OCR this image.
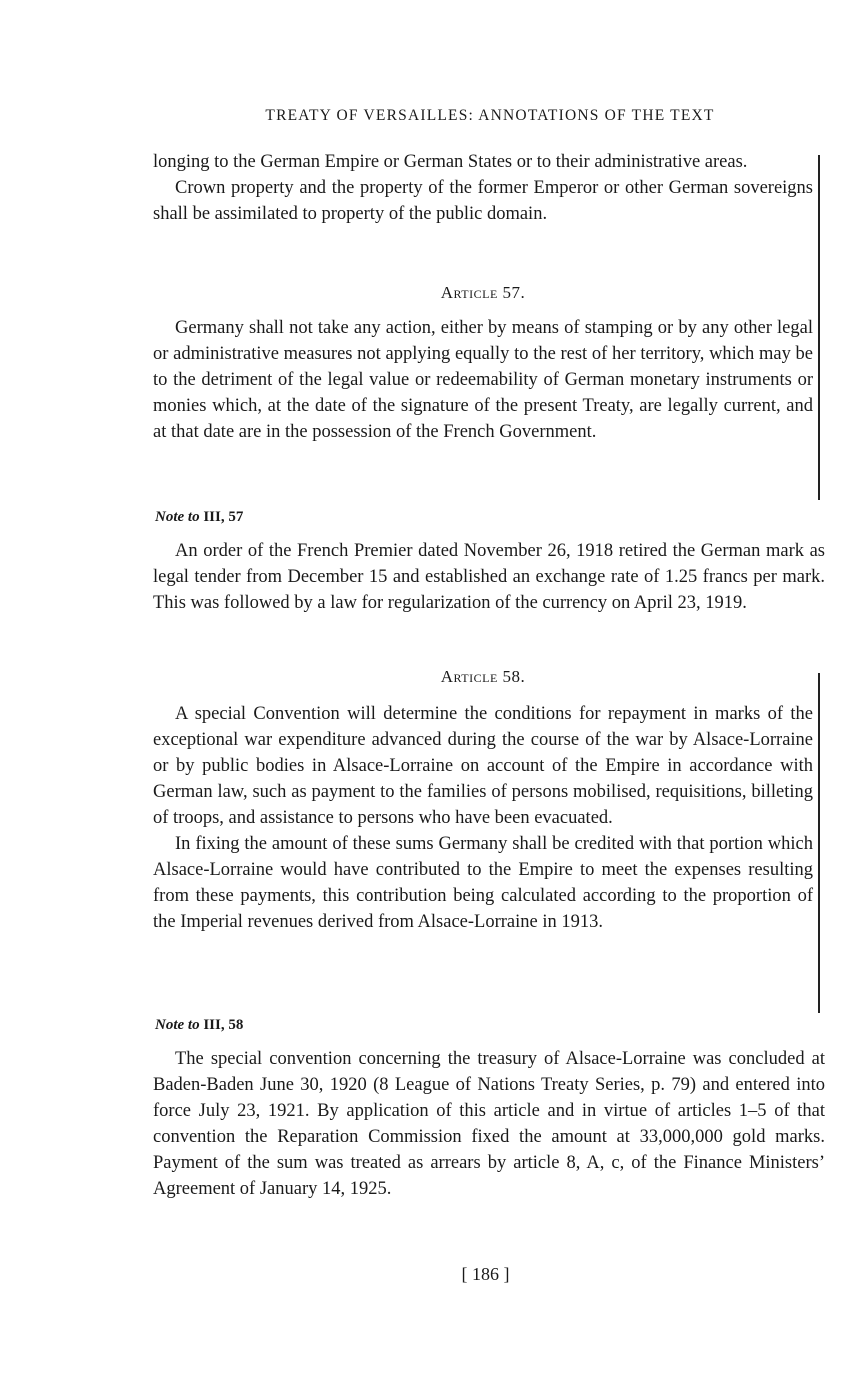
TREATY OF VERSAILLES: ANNOTATIONS OF THE TEXT

longing to the German Empire or German States or to their administrative areas.

Crown property and the property of the former Emperor or other German sovereigns shall be assimilated to property of the public domain.

Article 57.

Germany shall not take any action, either by means of stamping or by any other legal or administrative measures not applying equally to the rest of her territory, which may be to the detriment of the legal value or redeemability of German monetary instruments or monies which, at the date of the signature of the present Treaty, are legally current, and at that date are in the possession of the French Government.

Note to III, 57

An order of the French Premier dated November 26, 1918 retired the German mark as legal tender from December 15 and established an exchange rate of 1.25 francs per mark. This was followed by a law for regularization of the currency on April 23, 1919.

Article 58.

A special Convention will determine the conditions for repayment in marks of the exceptional war expenditure advanced during the course of the war by Alsace-Lorraine or by public bodies in Alsace-Lorraine on account of the Empire in accordance with German law, such as payment to the families of persons mobilised, requisitions, billeting of troops, and assistance to persons who have been evacuated.

In fixing the amount of these sums Germany shall be credited with that portion which Alsace-Lorraine would have contributed to the Empire to meet the expenses resulting from these payments, this contribution being calculated according to the proportion of the Imperial revenues derived from Alsace-Lorraine in 1913.

Note to III, 58

The special convention concerning the treasury of Alsace-Lorraine was concluded at Baden-Baden June 30, 1920 (8 League of Nations Treaty Series, p. 79) and entered into force July 23, 1921. By application of this article and in virtue of articles 1–5 of that convention the Reparation Commission fixed the amount at 33,000,000 gold marks. Payment of the sum was treated as arrears by article 8, A, c, of the Finance Ministers’ Agreement of January 14, 1925.

[ 186 ]
